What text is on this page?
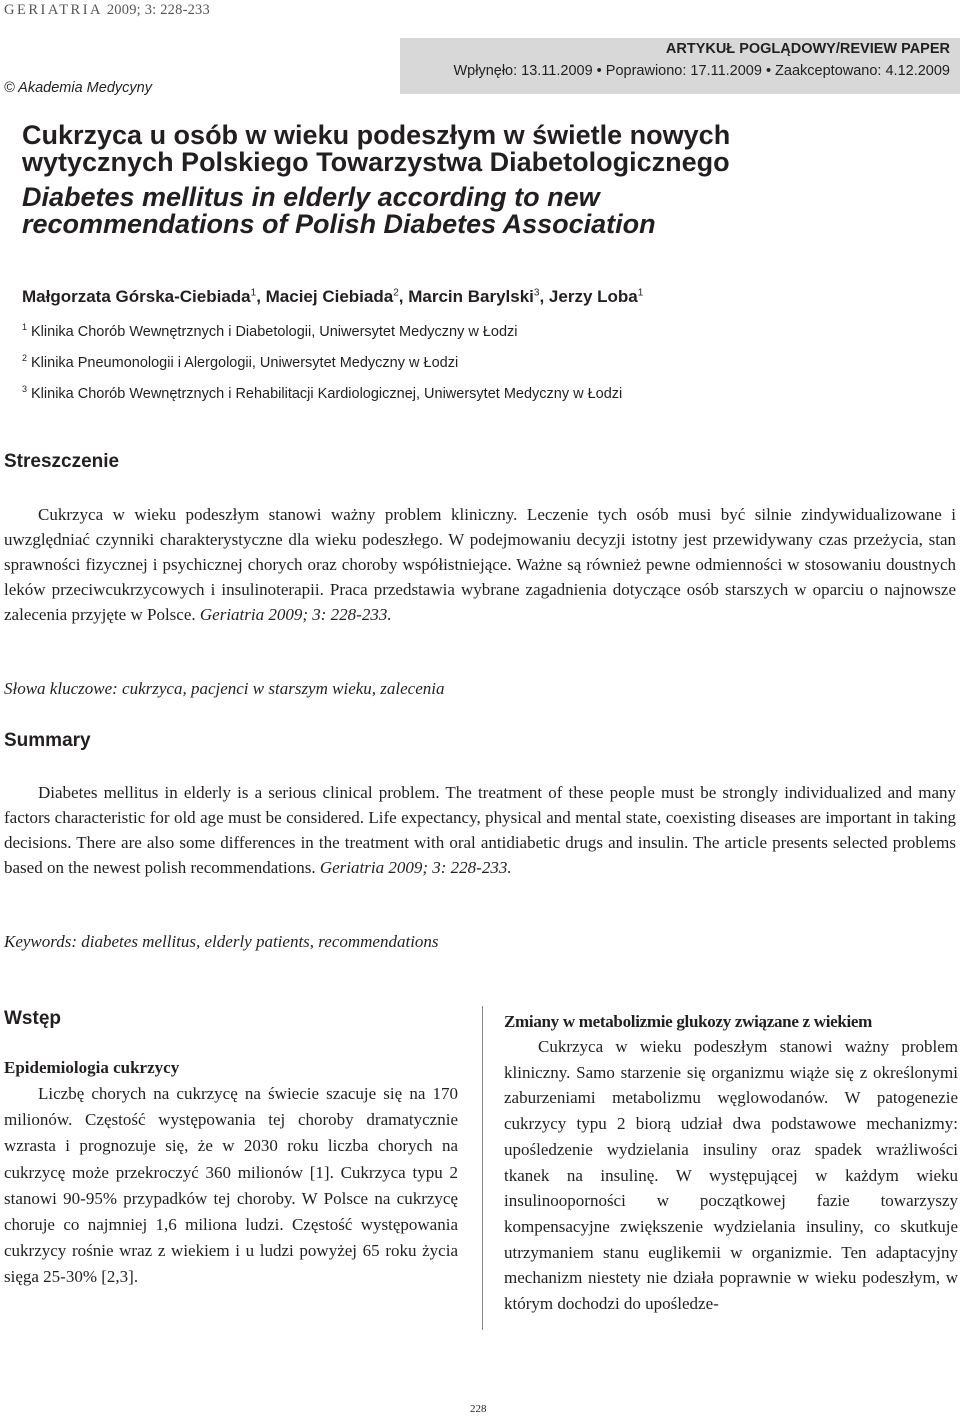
GERIATRIA 2009; 3: 228-233
© Akademia Medycyny
ARTYKUŁ POGLĄDOWY/REVIEW PAPER
Wpłynęło: 13.11.2009 • Poprawiono: 17.11.2009 • Zaakceptowano: 4.12.2009
Cukrzyca u osób w wieku podeszłym w świetle nowych
wytycznych Polskiego Towarzystwa Diabetologicznego
Diabetes mellitus in elderly according to new
recommendations of Polish Diabetes Association
Małgorzata Górska-Ciebiada$^1$, Maciej Ciebiada$^2$, Marcin Barylski$^3$, Jerzy Loba$^1$
$^1$ Klinika Chorób Wewnętrznych i Diabetologii, Uniwersytet Medyczny w Łodzi
$^2$ Klinika Pneumonologii i Alergologii, Uniwersytet Medyczny w Łodzi
$^3$ Klinika Chorób Wewnętrznych i Rehabilitacji Kardiologicznej, Uniwersytet Medyczny w Łodzi
Streszczenie

Cukrzyca w wieku podeszłym stanowi ważny problem kliniczny. Leczenie tych osób musi być silnie zindywidualizowane i uwzględniać czynniki charakterystyczne dla wieku podeszłego. W podejmowaniu decyzji istotny jest przewidywany czas przeżycia, stan sprawności fizycznej i psychicznej chorych oraz choroby współistniejące. Ważne są również pewne odmienności w stosowaniu doustnych leków przeciwcukrzycowych i insulinoterapii. Praca przedstawia wybrane zagadnienia dotyczące osób starszych w oparciu o najnowsze zalecenia przyjęte w Polsce. Geriatria 2009; 3: 228-233.

Słowa kluczowe: cukrzyca, pacjenci w starszym wieku, zalecenia
Summary

Diabetes mellitus in elderly is a serious clinical problem. The treatment of these people must be strongly individualized and many factors characteristic for old age must be considered. Life expectancy, physical and mental state, coexisting diseases are important in taking decisions. There are also some differences in the treatment with oral antidiabetic drugs and insulin. The article presents selected problems based on the newest polish recommendations. Geriatria 2009; 3: 228-233.

Keywords: diabetes mellitus, elderly patients, recommendations
Wstęp
Epidemiologia cukrzycy

Liczbę chorych na cukrzycę na świecie szacuje się na 170 milionów. Częstość występowania tej choroby dramatycznie wzrasta i prognozuje się, że w 2030 roku liczba chorych na cukrzycę może przekroczyć 360 milionów [1]. Cukrzyca typu 2 stanowi 90-95% przypadków tej choroby. W Polsce na cukrzycę choruje co najmniej 1,6 miliona ludzi. Częstość występowania cukrzycy rośnie wraz z wiekiem i u ludzi powyżej 65 roku życia sięga 25-30% [2,3].

Zmiany w metabolizmie glukozy związane z wiekiem

Cukrzyca w wieku podeszłym stanowi ważny problem kliniczny. Samo starzenie się organizmu wiąże się z określonymi zaburzeniami metabolizmu węglowodanów. W patogenezie cukrzycy typu 2 biorą udział dwa podstawowe mechanizmy: upośledzenie wydzielania insuliny oraz spadek wrażliwości tkanek na insulinę. W występującej w każdym wieku insulinooporności w początkowej fazie towarzyszy kompensacyjne zwiększenie wydzielania insuliny, co skutkuje utrzymaniem stanu euglikemii w organizmie. Ten adaptacyjny mechanizm niestety nie działa poprawnie w wieku podeszłym, w którym dochodzi do upośledze-

228
